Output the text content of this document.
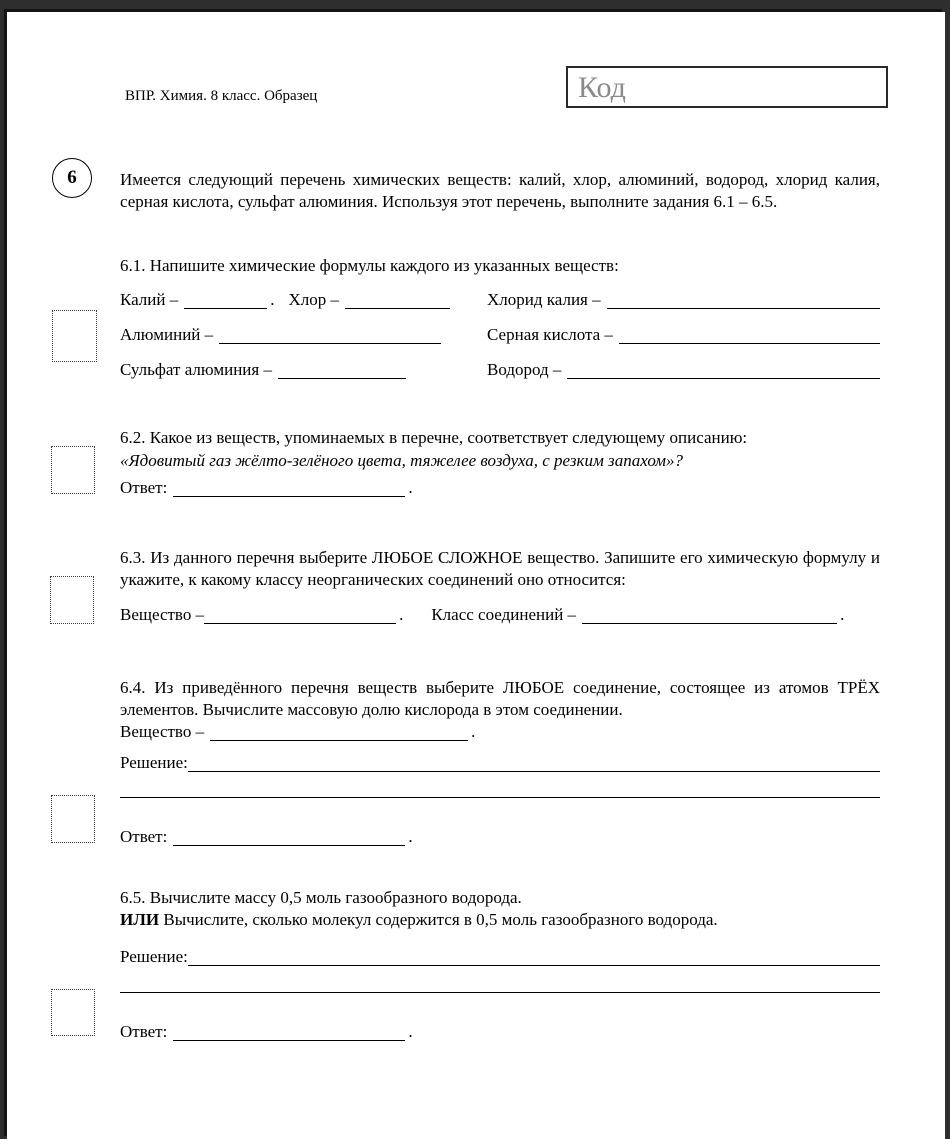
ВПР. Химия. 8 класс. Образец	Код
6	Имеется следующий перечень химических веществ: калий, хлор, алюминий, водород, хлорид калия, серная кислота, сульфат алюминия. Используя этот перечень, выполните задания 6.1 – 6.5.
6.1. Напишите химические формулы каждого из указанных веществ:
Калий –	. Хлор –	Хлорид калия –
Алюминий –	Серная кислота –
Сульфат алюминия –	Водород –
6.2. Какое из веществ, упоминаемых в перечне, соответствует следующему описанию:
«Ядовитый газ жёлто-зелёного цвета, тяжелее воздуха, с резким запахом»?
Ответ:	.
6.3. Из данного перечня выберите ЛЮБОЕ СЛОЖНОЕ вещество. Запишите его химическую формулу и укажите, к какому классу неорганических соединений оно относится:
Вещество –	. Класс соединений –	.
6.4. Из приведённого перечня веществ выберите ЛЮБОЕ соединение, состоящее из атомов ТРЁХ элементов. Вычислите массовую долю кислорода в этом соединении.
Вещество –	.
Решение:
Ответ:	.
6.5. Вычислите массу 0,5 моль газообразного водорода.
ИЛИ Вычислите, сколько молекул содержится в 0,5 моль газообразного водорода.
Решение:
Ответ:	.
